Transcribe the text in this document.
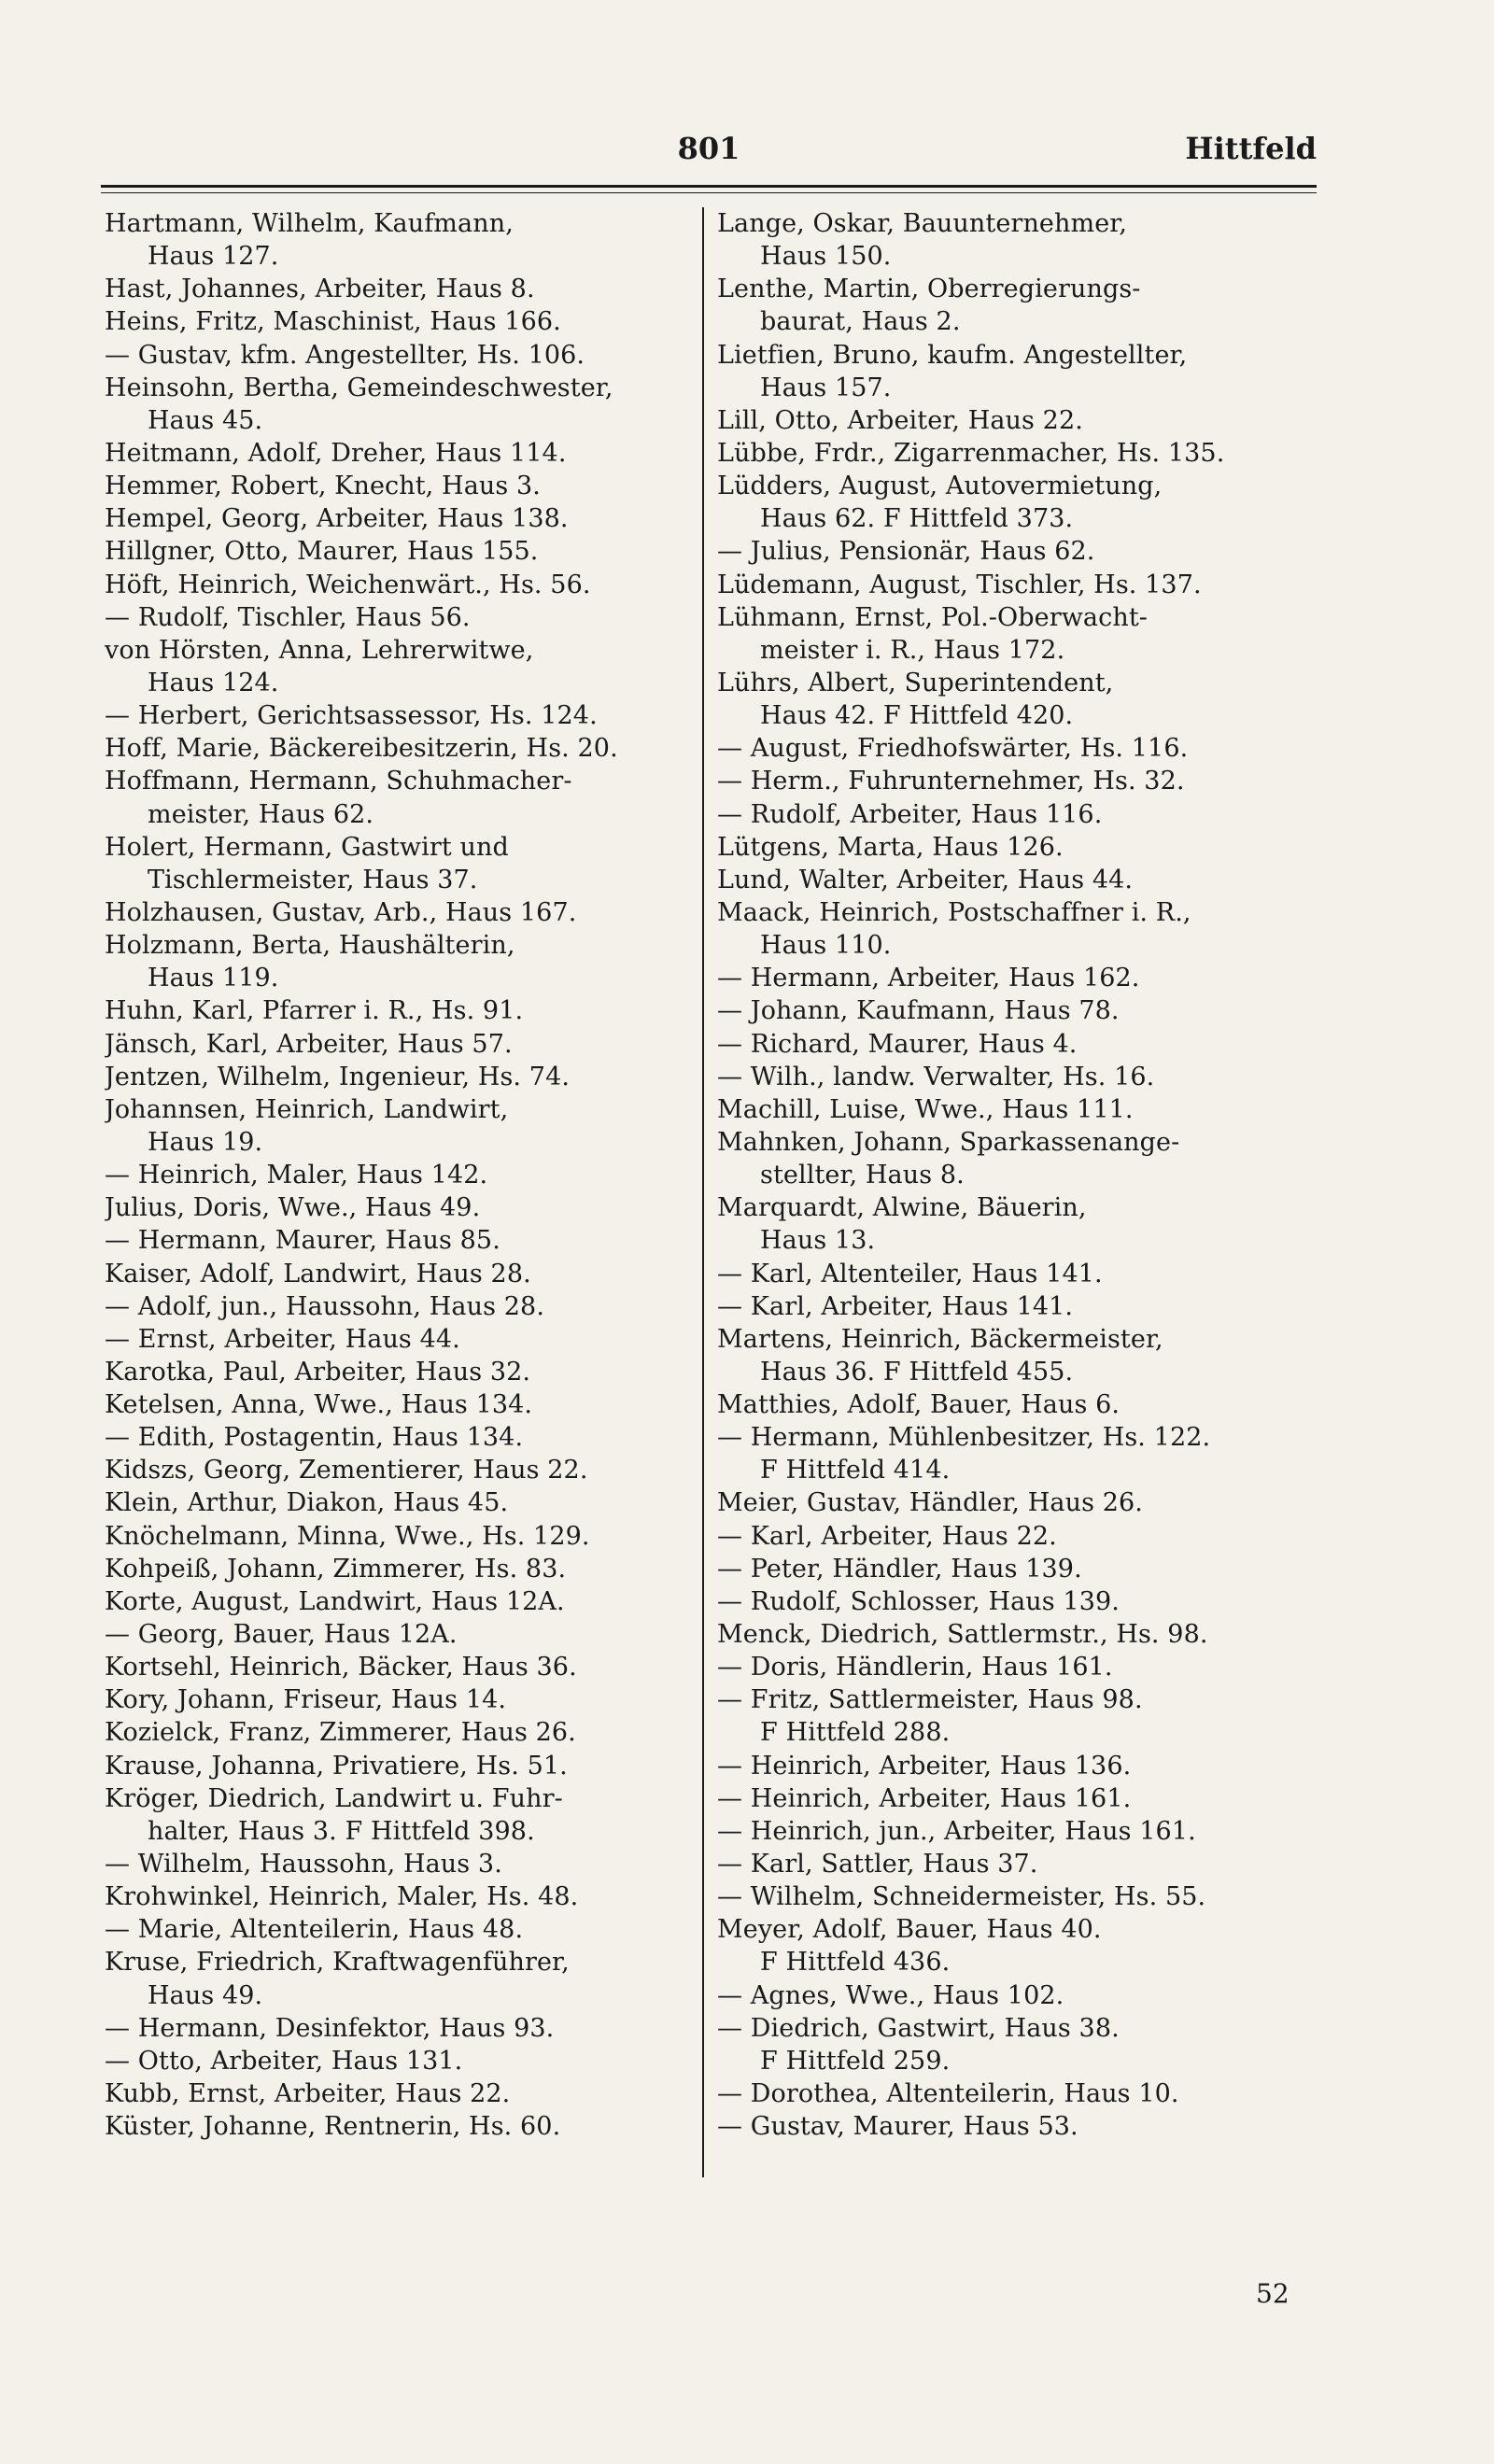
801	Hittfeld
Hartmann, Wilhelm, Kaufmann,
Haus 127.
Hast, Johannes, Arbeiter, Haus 8.
Heins, Fritz, Maschinist, Haus 166.
— Gustav, kfm. Angestellter, Hs. 106.
Heinsohn, Bertha, Gemeindeschwester,
Haus 45.
Heitmann, Adolf, Dreher, Haus 114.
Hemmer, Robert, Knecht, Haus 3.
Hempel, Georg, Arbeiter, Haus 138.
Hillgner, Otto, Maurer, Haus 155.
Höft, Heinrich, Weichenwärt., Hs. 56.
— Rudolf, Tischler, Haus 56.
von Hörsten, Anna, Lehrerwitwe,
Haus 124.
— Herbert, Gerichtsassessor, Hs. 124.
Hoff, Marie, Bäckereibesitzerin, Hs. 20.
Hoffmann, Hermann, Schuhmacher-
meister, Haus 62.
Holert, Hermann, Gastwirt und
Tischlermeister, Haus 37.
Holzhausen, Gustav, Arb., Haus 167.
Holzmann, Berta, Haushälterin,
Haus 119.
Huhn, Karl, Pfarrer i. R., Hs. 91.
Jänsch, Karl, Arbeiter, Haus 57.
Jentzen, Wilhelm, Ingenieur, Hs. 74.
Johannsen, Heinrich, Landwirt,
Haus 19.
— Heinrich, Maler, Haus 142.
Julius, Doris, Wwe., Haus 49.
— Hermann, Maurer, Haus 85.
Kaiser, Adolf, Landwirt, Haus 28.
— Adolf, jun., Haussohn, Haus 28.
— Ernst, Arbeiter, Haus 44.
Karotka, Paul, Arbeiter, Haus 32.
Ketelsen, Anna, Wwe., Haus 134.
— Edith, Postagentin, Haus 134.
Kidszs, Georg, Zementierer, Haus 22.
Klein, Arthur, Diakon, Haus 45.
Knöchelmann, Minna, Wwe., Hs. 129.
Kohpeiß, Johann, Zimmerer, Hs. 83.
Korte, August, Landwirt, Haus 12A.
— Georg, Bauer, Haus 12A.
Kortsehl, Heinrich, Bäcker, Haus 36.
Kory, Johann, Friseur, Haus 14.
Kozielck, Franz, Zimmerer, Haus 26.
Krause, Johanna, Privatiere, Hs. 51.
Kröger, Diedrich, Landwirt u. Fuhr-
halter, Haus 3. F Hittfeld 398.
— Wilhelm, Haussohn, Haus 3.
Krohwinkel, Heinrich, Maler, Hs. 48.
— Marie, Altenteilerin, Haus 48.
Kruse, Friedrich, Kraftwagenführer,
Haus 49.
— Hermann, Desinfektor, Haus 93.
— Otto, Arbeiter, Haus 131.
Kubb, Ernst, Arbeiter, Haus 22.
Küster, Johanne, Rentnerin, Hs. 60.
Lange, Oskar, Bauunternehmer,
Haus 150.
Lenthe, Martin, Oberregierungs-
baurat, Haus 2.
Lietfien, Bruno, kaufm. Angestellter,
Haus 157.
Lill, Otto, Arbeiter, Haus 22.
Lübbe, Frdr., Zigarrenmacher, Hs. 135.
Lüdders, August, Autovermietung,
Haus 62. F Hittfeld 373.
— Julius, Pensionär, Haus 62.
Lüdemann, August, Tischler, Hs. 137.
Lühmann, Ernst, Pol.-Oberwacht-
meister i. R., Haus 172.
Lührs, Albert, Superintendent,
Haus 42. F Hittfeld 420.
— August, Friedhofswärter, Hs. 116.
— Herm., Fuhrunternehmer, Hs. 32.
— Rudolf, Arbeiter, Haus 116.
Lütgens, Marta, Haus 126.
Lund, Walter, Arbeiter, Haus 44.
Maack, Heinrich, Postschaffner i. R.,
Haus 110.
— Hermann, Arbeiter, Haus 162.
— Johann, Kaufmann, Haus 78.
— Richard, Maurer, Haus 4.
— Wilh., landw. Verwalter, Hs. 16.
Machill, Luise, Wwe., Haus 111.
Mahnken, Johann, Sparkassenange-
stellter, Haus 8.
Marquardt, Alwine, Bäuerin,
Haus 13.
— Karl, Altenteiler, Haus 141.
— Karl, Arbeiter, Haus 141.
Martens, Heinrich, Bäckermeister,
Haus 36. F Hittfeld 455.
Matthies, Adolf, Bauer, Haus 6.
— Hermann, Mühlenbesitzer, Hs. 122.
F Hittfeld 414.
Meier, Gustav, Händler, Haus 26.
— Karl, Arbeiter, Haus 22.
— Peter, Händler, Haus 139.
— Rudolf, Schlosser, Haus 139.
Menck, Diedrich, Sattlermstr., Hs. 98.
— Doris, Händlerin, Haus 161.
— Fritz, Sattlermeister, Haus 98.
F Hittfeld 288.
— Heinrich, Arbeiter, Haus 136.
— Heinrich, Arbeiter, Haus 161.
— Heinrich, jun., Arbeiter, Haus 161.
— Karl, Sattler, Haus 37.
— Wilhelm, Schneidermeister, Hs. 55.
Meyer, Adolf, Bauer, Haus 40.
F Hittfeld 436.
— Agnes, Wwe., Haus 102.
— Diedrich, Gastwirt, Haus 38.
F Hittfeld 259.
— Dorothea, Altenteilerin, Haus 10.
— Gustav, Maurer, Haus 53.
52
